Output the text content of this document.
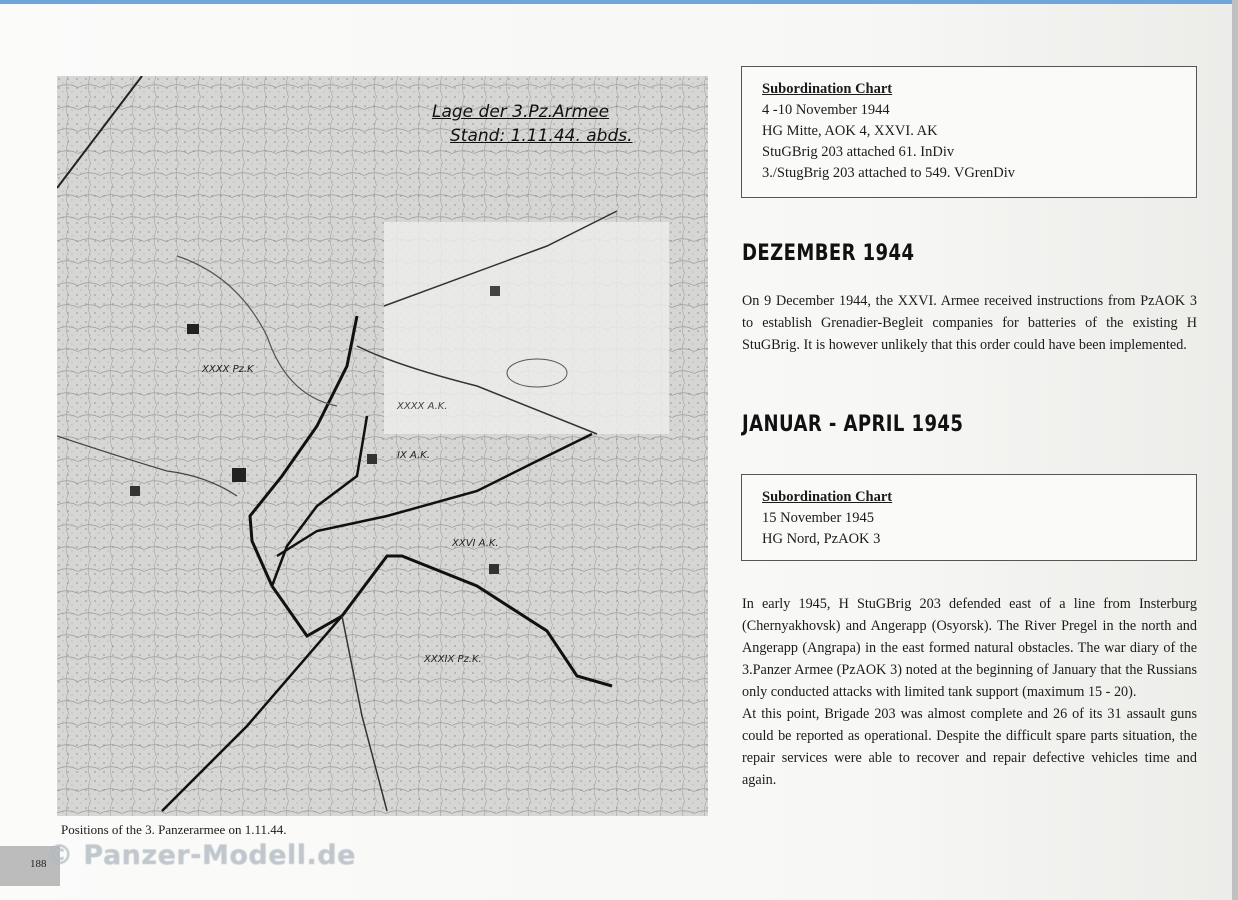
Lage der 3.Pz.Armee
Stand: 1.11.44. abds.
XXXX Pz.K
IX A.K.
XXVI A.K.
XXXIX Pz.K.
XXXX A.K.
Positions of the 3. Panzerarmee on 1.11.44.
188 © Panzer-Modell.de
Subordination Chart
4 -10 November 1944
HG Mitte, AOK 4, XXVI. AK
StuGBrig 203 attached 61. InDiv
3./StugBrig 203 attached to 549. VGrenDiv
DEZEMBER 1944
On 9 December 1944, the XXVI. Armee received instructions from PzAOK 3 to establish Grenadier-Begleit companies for batteries of the existing H StuGBrig. It is however unlikely that this order could have been implemented.
JANUAR - APRIL 1945
Subordination Chart
15 November 1945
HG Nord, PzAOK 3
In early 1945, H StuGBrig 203 defended east of a line from Insterburg (Chernyakhovsk) and Angerapp (Osyorsk). The River Pregel in the north and Angerapp (Angrapa) in the east formed natural obstacles. The war diary of the 3.Panzer Armee (PzAOK 3) noted at the beginning of January that the Russians only conducted attacks with limited tank support (maximum 15 - 20).
At this point, Brigade 203 was almost complete and 26 of its 31 assault guns could be reported as operational. Despite the difficult spare parts situation, the repair services were able to recover and repair defective vehicles time and again.
